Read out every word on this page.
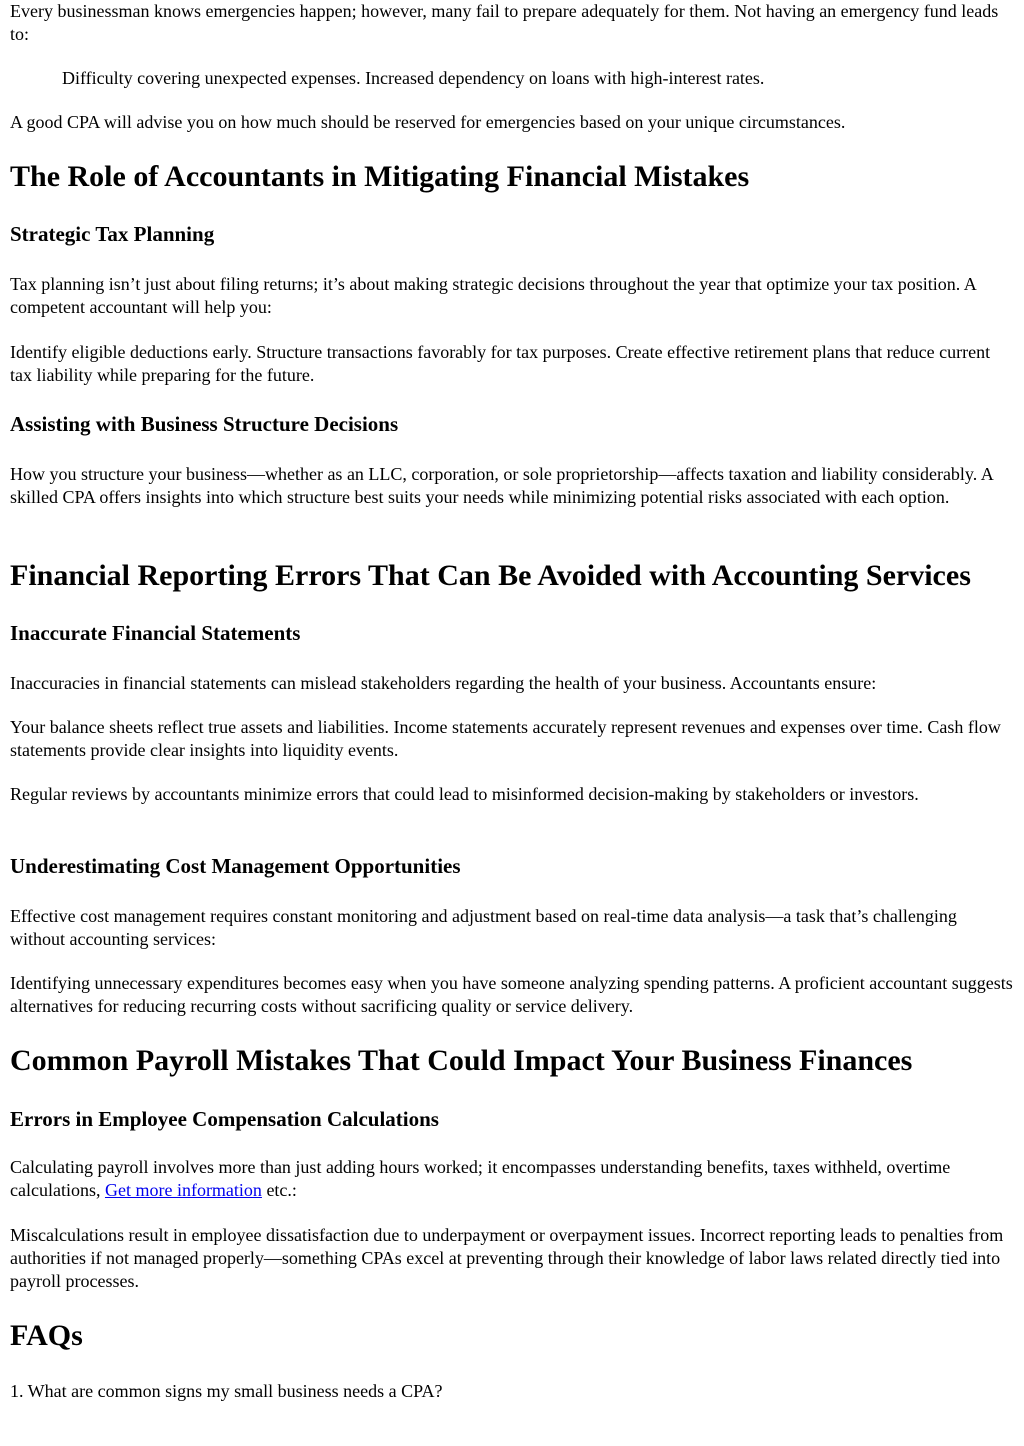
Every businessman knows emergencies happen; however, many fail to prepare adequately for them. Not having an emergency fund leads to:

Difficulty covering unexpected expenses. Increased dependency on loans with high-interest rates.

A good CPA will advise you on how much should be reserved for emergencies based on your unique circumstances.

The Role of Accountants in Mitigating Financial Mistakes
Strategic Tax Planning

Tax planning isn’t just about filing returns; it’s about making strategic decisions throughout the year that optimize your tax position. A competent accountant will help you:

Identify eligible deductions early. Structure transactions favorably for tax purposes. Create effective retirement plans that reduce current tax liability while preparing for the future.

Assisting with Business Structure Decisions

How you structure your business—whether as an LLC, corporation, or sole proprietorship—affects taxation and liability considerably. A skilled CPA offers insights into which structure best suits your needs while minimizing potential risks associated with each option.

Financial Reporting Errors That Can Be Avoided with Accounting Services
Inaccurate Financial Statements

Inaccuracies in financial statements can mislead stakeholders regarding the health of your business. Accountants ensure:

Your balance sheets reflect true assets and liabilities. Income statements accurately represent revenues and expenses over time. Cash flow statements provide clear insights into liquidity events.

Regular reviews by accountants minimize errors that could lead to misinformed decision-making by stakeholders or investors.

Underestimating Cost Management Opportunities

Effective cost management requires constant monitoring and adjustment based on real-time data analysis—a task that’s challenging without accounting services:

Identifying unnecessary expenditures becomes easy when you have someone analyzing spending patterns. A proficient accountant suggests alternatives for reducing recurring costs without sacrificing quality or service delivery.

Common Payroll Mistakes That Could Impact Your Business Finances
Errors in Employee Compensation Calculations

Calculating payroll involves more than just adding hours worked; it encompasses understanding benefits, taxes withheld, overtime calculations, Get more information etc.:

Miscalculations result in employee dissatisfaction due to underpayment or overpayment issues. Incorrect reporting leads to penalties from authorities if not managed properly—something CPAs excel at preventing through their knowledge of labor laws related directly tied into payroll processes.

FAQs

1. What are common signs my small business needs a CPA?
